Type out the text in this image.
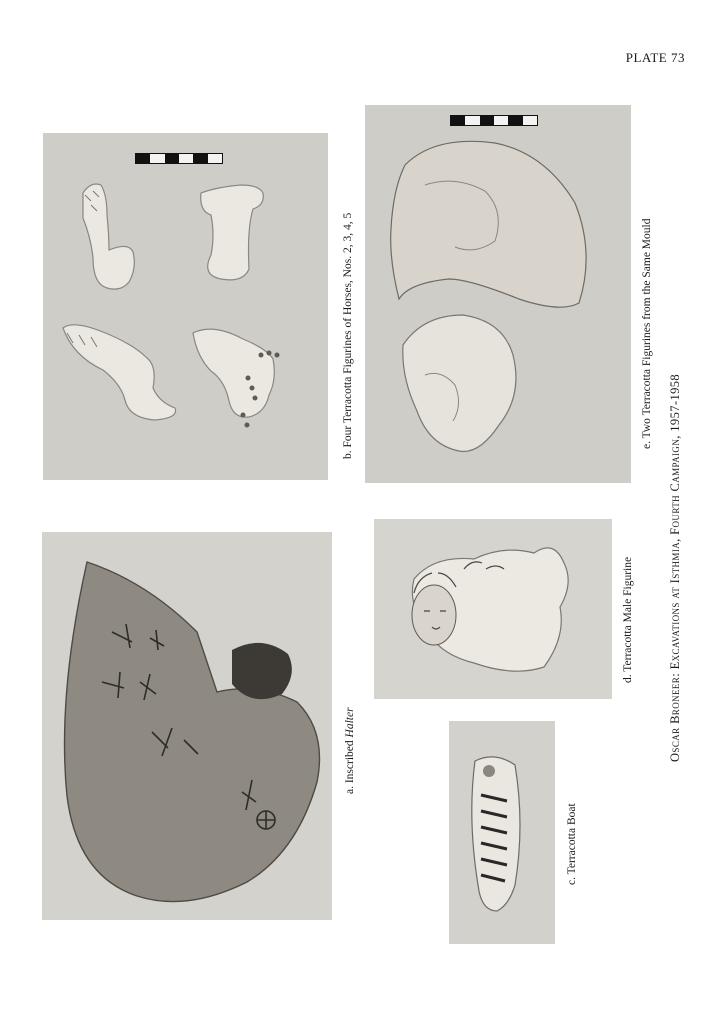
PLATE 73
a. Inscribed Halter
b. Four Terracotta Figurines of Horses, Nos. 2, 3, 4, 5
c. Terracotta Boat
d. Terracotta Male Figurine
e. Two Terracotta Figurines from the Same Mould
Oscar Broneer: Excavations at Isthmia, Fourth Campaign, 1957-1958
